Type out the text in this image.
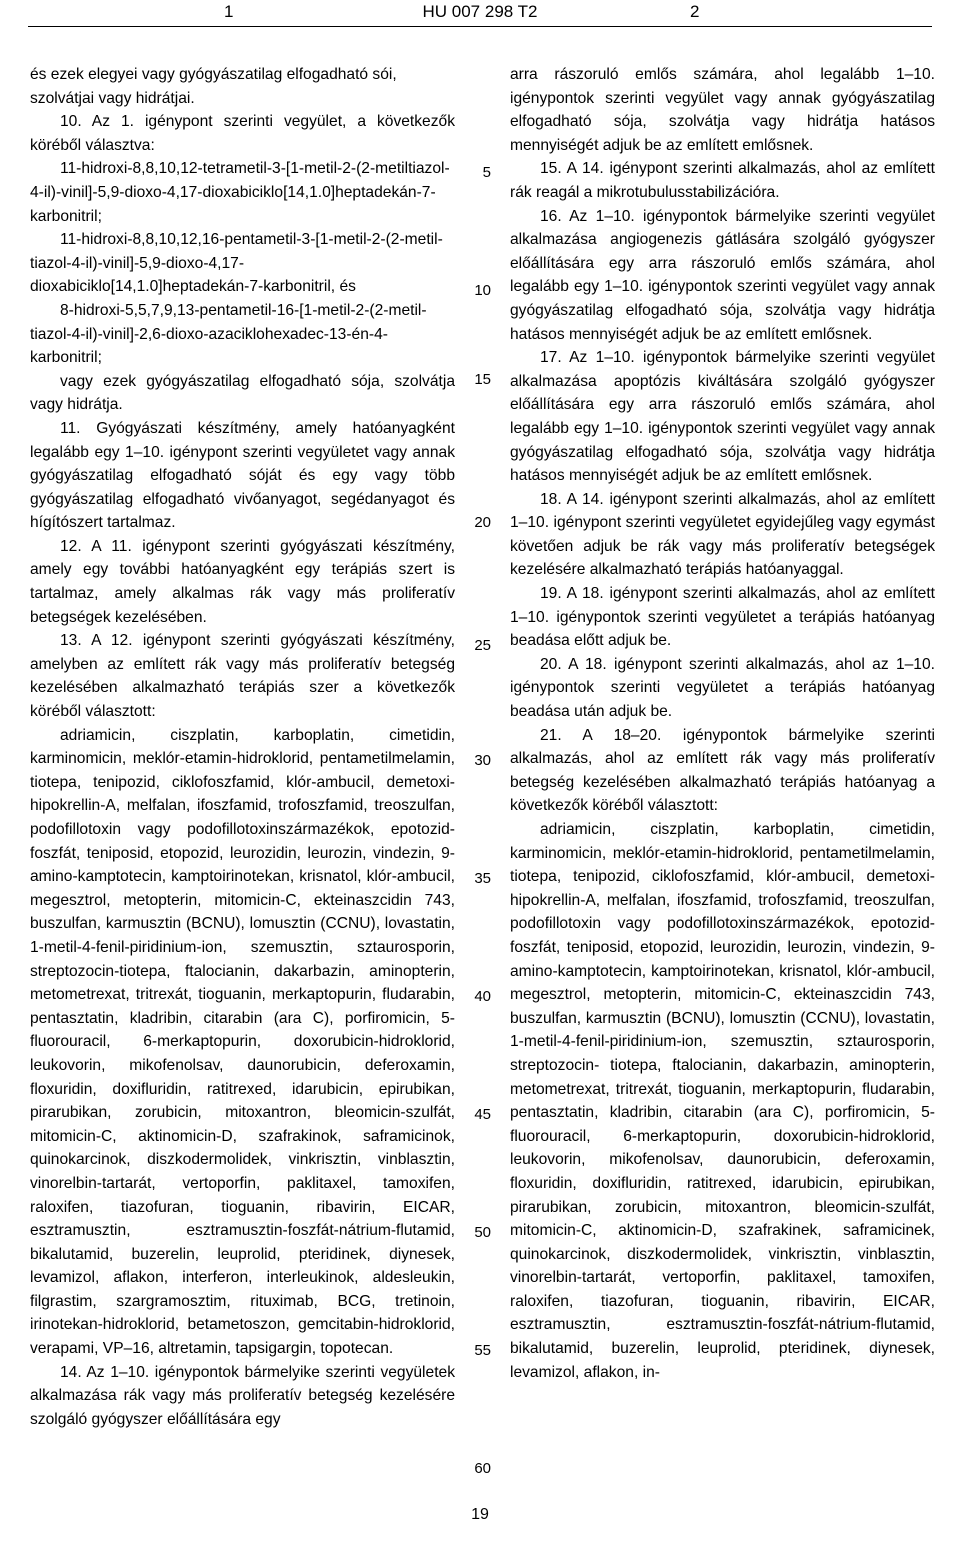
1	HU 007 298 T2	2

és ezek elegyei vagy gyógyászatilag elfogadható sói, szolvátjai vagy hidrátjai.

10. Az 1. igénypont szerinti vegyület, a következők köréből választva:

11-hidroxi-8,8,10,12-tetrametil-3-[1-metil-2-(2-metiltiazol-4-il)-vinil]-5,9-dioxo-4,17-dioxabiciklo[14,1.0]heptadekán-7-karbonitril;

11-hidroxi-8,8,10,12,16-pentametil-3-[1-metil-2-(2-metil-tiazol-4-il)-vinil]-5,9-dioxo-4,17-dioxabiciklo[14,1.0]heptadekán-7-karbonitril, és

8-hidroxi-5,5,7,9,13-pentametil-16-[1-metil-2-(2-metil-tiazol-4-il)-vinil]-2,6-dioxo-azaciklohexadec-13-én-4-karbonitril;

vagy ezek gyógyászatilag elfogadható sója, szolvátja vagy hidrátja.

11. Gyógyászati készítmény, amely hatóanyagként legalább egy 1–10. igénypont szerinti vegyületet vagy annak gyógyászatilag elfogadható sóját és egy vagy több gyógyászatilag elfogadható vivőanyagot, segédanyagot és hígítószert tartalmaz.

12. A 11. igénypont szerinti gyógyászati készítmény, amely egy további hatóanyagként egy terápiás szert is tartalmaz, amely alkalmas rák vagy más proliferatív betegségek kezelésében.

13. A 12. igénypont szerinti gyógyászati készítmény, amelyben az említett rák vagy más proliferatív betegség kezelésében alkalmazható terápiás szer a következők köréből választott:

adriamicin, ciszplatin, karboplatin, cimetidin, karminomicin, meklór-etamin-hidroklorid, pentametilmelamin, tiotepa, tenipozid, ciklofoszfamid, klór-ambucil, demetoxi-hipokrellin-A, melfalan, ifoszfamid, trofoszfamid, treoszulfan, podofillotoxin vagy podofillotoxinszármazékok, epotozid-foszfát, teniposid, etopozid, leurozidin, leurozin, vindezin, 9-amino-kamptotecin, kamptoirinotekan, krisnatol, klór-ambucil, megesztrol, metopterin, mitomicin-C, ekteinaszcidin 743, buszulfan, karmusztin (BCNU), lomusztin (CCNU), lovastatin, 1-metil-4-fenil-piridinium-ion, szemusztin, sztaurosporin, streptozocin-tiotepa, ftalocianin, dakarbazin, aminopterin, metometrexat, tritrexát, tioguanin, merkaptopurin, fludarabin, pentasztatin, kladribin, citarabin (ara C), porfiromicin, 5-fluorouracil, 6-merkaptopurin, doxorubicin-hidroklorid, leukovorin, mikofenolsav, daunorubicin, deferoxamin, floxuridin, doxifluridin, ratitrexed, idarubicin, epirubikan, pirarubikan, zorubicin, mitoxantron, bleomicin-szulfát, mitomicin-C, aktinomicin-D, szafrakinok, saframicinok, quinokarcinok, diszkodermolidek, vinkrisztin, vinblasztin, vinorelbin-tartarát, vertoporfin, paklitaxel, tamoxifen, raloxifen, tiazofuran, tioguanin, ribavirin, EICAR, esztramusztin, esztramusztin-foszfát-nátrium-flutamid, bikalutamid, buzerelin, leuprolid, pteridinek, diynesek, levamizol, aflakon, interferon, interleukinok, aldesleukin, filgrastim, szargramosztim, rituximab, BCG, tretinoin, irinotekan-hidroklorid, betametoszon, gemcitabin-hidroklorid, verapami, VP–16, altretamin, tapsigargin, topotecan.

14. Az 1–10. igénypontok bármelyike szerinti vegyületek alkalmazása rák vagy más proliferatív betegség kezelésére szolgáló gyógyszer előállítására egy

5
10
15
20
25
30
35
40
45
50
55
60

arra rászoruló emlős számára, ahol legalább 1–10. igénypontok szerinti vegyület vagy annak gyógyászatilag elfogadható sója, szolvátja vagy hidrátja hatásos mennyiségét adjuk be az említett emlősnek.

15. A 14. igénypont szerinti alkalmazás, ahol az említett rák reagál a mikrotubulusstabilizációra.

16. Az 1–10. igénypontok bármelyike szerinti vegyület alkalmazása angiogenezis gátlására szolgáló gyógyszer előállítására egy arra rászoruló emlős számára, ahol legalább egy 1–10. igénypontok szerinti vegyület vagy annak gyógyászatilag elfogadható sója, szolvátja vagy hidrátja hatásos mennyiségét adjuk be az említett emlősnek.

17. Az 1–10. igénypontok bármelyike szerinti vegyület alkalmazása apoptózis kiváltására szolgáló gyógyszer előállítására egy arra rászoruló emlős számára, ahol legalább egy 1–10. igénypontok szerinti vegyület vagy annak gyógyászatilag elfogadható sója, szolvátja vagy hidrátja hatásos mennyiségét adjuk be az említett emlősnek.

18. A 14. igénypont szerinti alkalmazás, ahol az említett 1–10. igénypont szerinti vegyületet egyidejűleg vagy egymást követően adjuk be rák vagy más proliferatív betegségek kezelésére alkalmazható terápiás hatóanyaggal.

19. A 18. igénypont szerinti alkalmazás, ahol az említett 1–10. igénypontok szerinti vegyületet a terápiás hatóanyag beadása előtt adjuk be.

20. A 18. igénypont szerinti alkalmazás, ahol az 1–10. igénypontok szerinti vegyületet a terápiás hatóanyag beadása után adjuk be.

21. A 18–20. igénypontok bármelyike szerinti alkalmazás, ahol az említett rák vagy más proliferatív betegség kezelésében alkalmazható terápiás hatóanyag a következők köréből választott:

adriamicin, ciszplatin, karboplatin, cimetidin, karminomicin, meklór-etamin-hidroklorid, pentametilmelamin, tiotepa, tenipozid, ciklofoszfamid, klór-ambucil, demetoxi-hipokrellin-A, melfalan, ifoszfamid, trofoszfamid, treoszulfan, podofillotoxin vagy podofillotoxinszármazékok, epotozid-foszfát, teniposid, etopozid, leurozidin, leurozin, vindezin, 9-amino-kamptotecin, kamptoirinotekan, krisnatol, klór-ambucil, megesztrol, metopterin, mitomicin-C, ekteinaszcidin 743, buszulfan, karmusztin (BCNU), lomusztin (CCNU), lovastatin, 1-metil-4-fenil-piridinium-ion, szemusztin, sztaurosporin, streptozocin- tiotepa, ftalocianin, dakarbazin, aminopterin, metometrexat, tritrexát, tioguanin, merkaptopurin, fludarabin, pentasztatin, kladribin, citarabin (ara C), porfiromicin, 5-fluorouracil, 6-merkaptopurin, doxorubicin-hidroklorid, leukovorin, mikofenolsav, daunorubicin, deferoxamin, floxuridin, doxifluridin, ratitrexed, idarubicin, epirubikan, pirarubikan, zorubicin, mitoxantron, bleomicin-szulfát, mitomicin-C, aktinomicin-D, szafrakinek, saframicinek, quinokarcinok, diszkodermolidek, vinkrisztin, vinblasztin, vinorelbin-tartarát, vertoporfin, paklitaxel, tamoxifen, raloxifen, tiazofuran, tioguanin, ribavirin, EICAR, esztramusztin, esztramusztin-foszfát-nátrium-flutamid, bikalutamid, buzerelin, leuprolid, pteridinek, diynesek, levamizol, aflakon, in-

19
